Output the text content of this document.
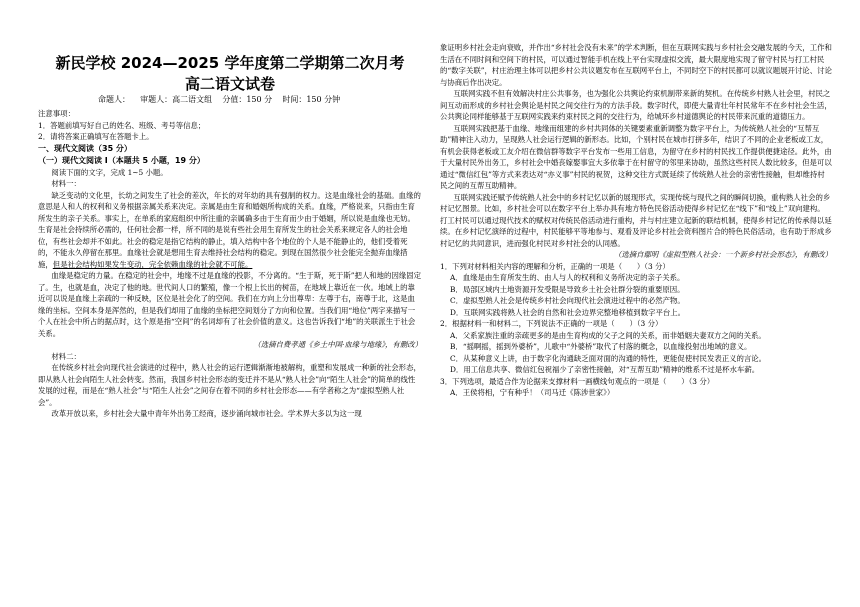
新民学校 2024—2025 学年度第二学期第二次月考
高二语文试卷
命题人：    审题人：高二语文组    分值：150 分    时间：150 分钟

注意事项：

1．答题前填写好自己的姓名、班级、考号等信息；

2．请将答案正确填写在答题卡上。

一、现代文阅读（35 分）

（一）现代文阅读 I（本题共 5 小题，19 分）

阅读下面的文字，完成 1~5 小题。

材料一：

缺乏变动的文化里，长幼之间发生了社会的差次，年长的对年幼的具有强制的权力。这是血缘社会的基础。血缘的意思是人和人的权利和义务根据亲属关系来决定。亲属是由生育和婚姻所构成的关系。血缘，严格说来，只指由生育所发生的亲子关系。事实上，在单系的家庭组织中所注重的亲属确多由于生育而少由于婚姻，所以说是血缘也无妨。生育是社会持续所必需的，任何社会都一样，所不同的是说有些社会用生育所发生的社会关系来规定各人的社会地位，有些社会却并不如此。社会的稳定是指它结构的静止，填入结构中各个地位的个人是不能静止的，他们受着死的，不能永久停留在那里。血缘社会就是想用生育去维持社会结构的稳定。到现在国然很少社会能完全抛弃血缘措施，但是社会结构如果发生变动，完全依赖血缘的社会就不可能。

血缘是稳定的力量。在稳定的社会中，地缘不过是血缘的投影，不分离的。“生于斯，死于斯”把人和地的因缘固定了。生，也就是血，决定了他的地。世代间人口的繁殖，像一个根上长出的树苗，在地域上靠近在一伙。地域上的靠近可以说是血缘上亲疏的一种反映，区位是社会化了的空间。我们在方向上分出尊卑：左尊于右，南尊于北，这是血缘的坐标。空间本身是浑然的，但是我们却用了血缘的坐标把空间划分了方向和位置。当我们用“地位”两字来描写一个人在社会中所占的据点时，这个原是指“空间”的名词却有了社会价值的意义。这也告诉我们“地”的关联派生于社会关系。

（选摘自费孝通《乡土中国·血缘与地缘》，有删改）

材料二：

在传统乡村社会向现代社会演进的过程中，熟人社会的运行逻辑渐渐地被解构，重塑和发展成一种新的社会形态，即从熟人社会向陌生人社会转变。然而，我国乡村社会形态的变迁并不是从“熟人社会”向“陌生人社会”的简单的线性发展的过程，而是在“熟人社会”与“陌生人社会”之间存在着不同的乡村社会形态——有学者称之为“虚拟型熟人社会”。

改革开放以来，乡村社会大量中青年外出务工经商，逐步涌向城市社会。学术界大多以为这一现

象证明乡村社会走向衰败，并作出“乡村社会没有未来”的学术判断，但在互联网实践与乡村社会交融发展的今天，工作和生活在不同时间和空间下的村民，可以通过智能手机在线上平台实现虚拟交流，最大限度地实现了留守村民与打工村民的“数字关联”，村庄治理主体可以把乡村公共议题发布在互联网平台上，不同时空下的村民都可以就议题展开讨论、讨论与协商后作出决定。

互联网实践不但有效解决村庄公共事务，也为强化公共舆论约束机制带来新的契机。在传统乡村熟人社会里，村民之间互动而形成的乡村社会舆论是村民之间交往行为的方法手段。数字时代，即使大量青壮年村民常年不在乡村社会生活，公共舆论同样能够基于互联网实践来约束村民之间的交往行为，给城环乡村道德舆论的村民带来沉重的道德压力。

互联网实践把基于血缘、地缘而组建的乡村共同体的关键要素重新调整为数字平台上，为传统熟人社会的“互帮互助”精神注入动力，呈现熟人社会运行逻辑的新形态。比如，个别村民在城市打拼多年，结识了不同的企业老板或工友，有机会获得老板或工友介绍在微信群等数字平台发布一些用工信息，为留守在乡村的村民找工作提供便捷途径。此外，由于大量村民外出务工，乡村社会中婚丧嫁娶事宜大多依靠于在村留守的邻里来协助，虽然这些村民人数比较多，但是可以通过“微信红包”等方式来表达对“亦义事”村民的祝贺，这种交往方式既延续了传统熟人社会的亲密性接触，但却维持村民之间的互帮互助精神。

互联网实践还赋予传统熟人社会中的乡村记忆以新的展现形式，实现传统与现代之间的瞬间切换，重构熟人社会的乡村记忆图景。比如，乡村社会可以在数字平台上举办具有地方特色民俗活动使得乡村记忆在“线下”和“线上”双向建构。打工村民可以通过现代技术的赋权对传统民俗活动进行重构，并与村庄建立起新的联结机制，使得乡村记忆的传承得以延续。在乡村记忆演绎的过程中，村民能够平等地参与、观看及评论乡村社会资料图片合的特色民俗活动，也有助于形成乡村记忆的共同意识，进而强化村民对乡村社会的认同感。

（选摘自鄢明《虚拟型熟人社会：一个新乡村社会形态》，有删改）

1．下列对材料相关内容的理解和分析，正确的一项是（　　）（3 分）

A．血缘是由生育所发生的、由人与人的权利和义务所决定的亲子关系。

B．局部区域内土地资源开发受限是导致乡土社会社群分裂的重要原因。

C．虚拟型熟人社会是传统乡村社会向现代社会演进过程中的必然产物。

D．互联网实践将熟人社会的自然和社会边界完整地移植到数字平台上。

2．根据材料一和材料二，下列说法不正确的一项是（　　）（3 分）

A．父系家族注重的亲疏更多的是由生育构成的父子之间的关系，而非婚姻夫妻双方之间的关系。

B．“摇啊摇，摇到外婆桥”，儿歌中“外婆桥”取代了村落的概念，以血缘投射出地域的意义。

C．从某种意义上讲，由于数字化沟通缺乏面对面的沟通的特性，更能促使村民发表正义的言论。

D．用工信息共享、微信红包祝福少了亲密性接触，对“互帮互助”精神的维系不过是杯水车薪。

3．下列选项，最适合作为论据来支撑材料一画横线句观点的一项是（　　）（3 分）

A．王侯将相，宁有种乎！（司马迁《陈涉世家》）
